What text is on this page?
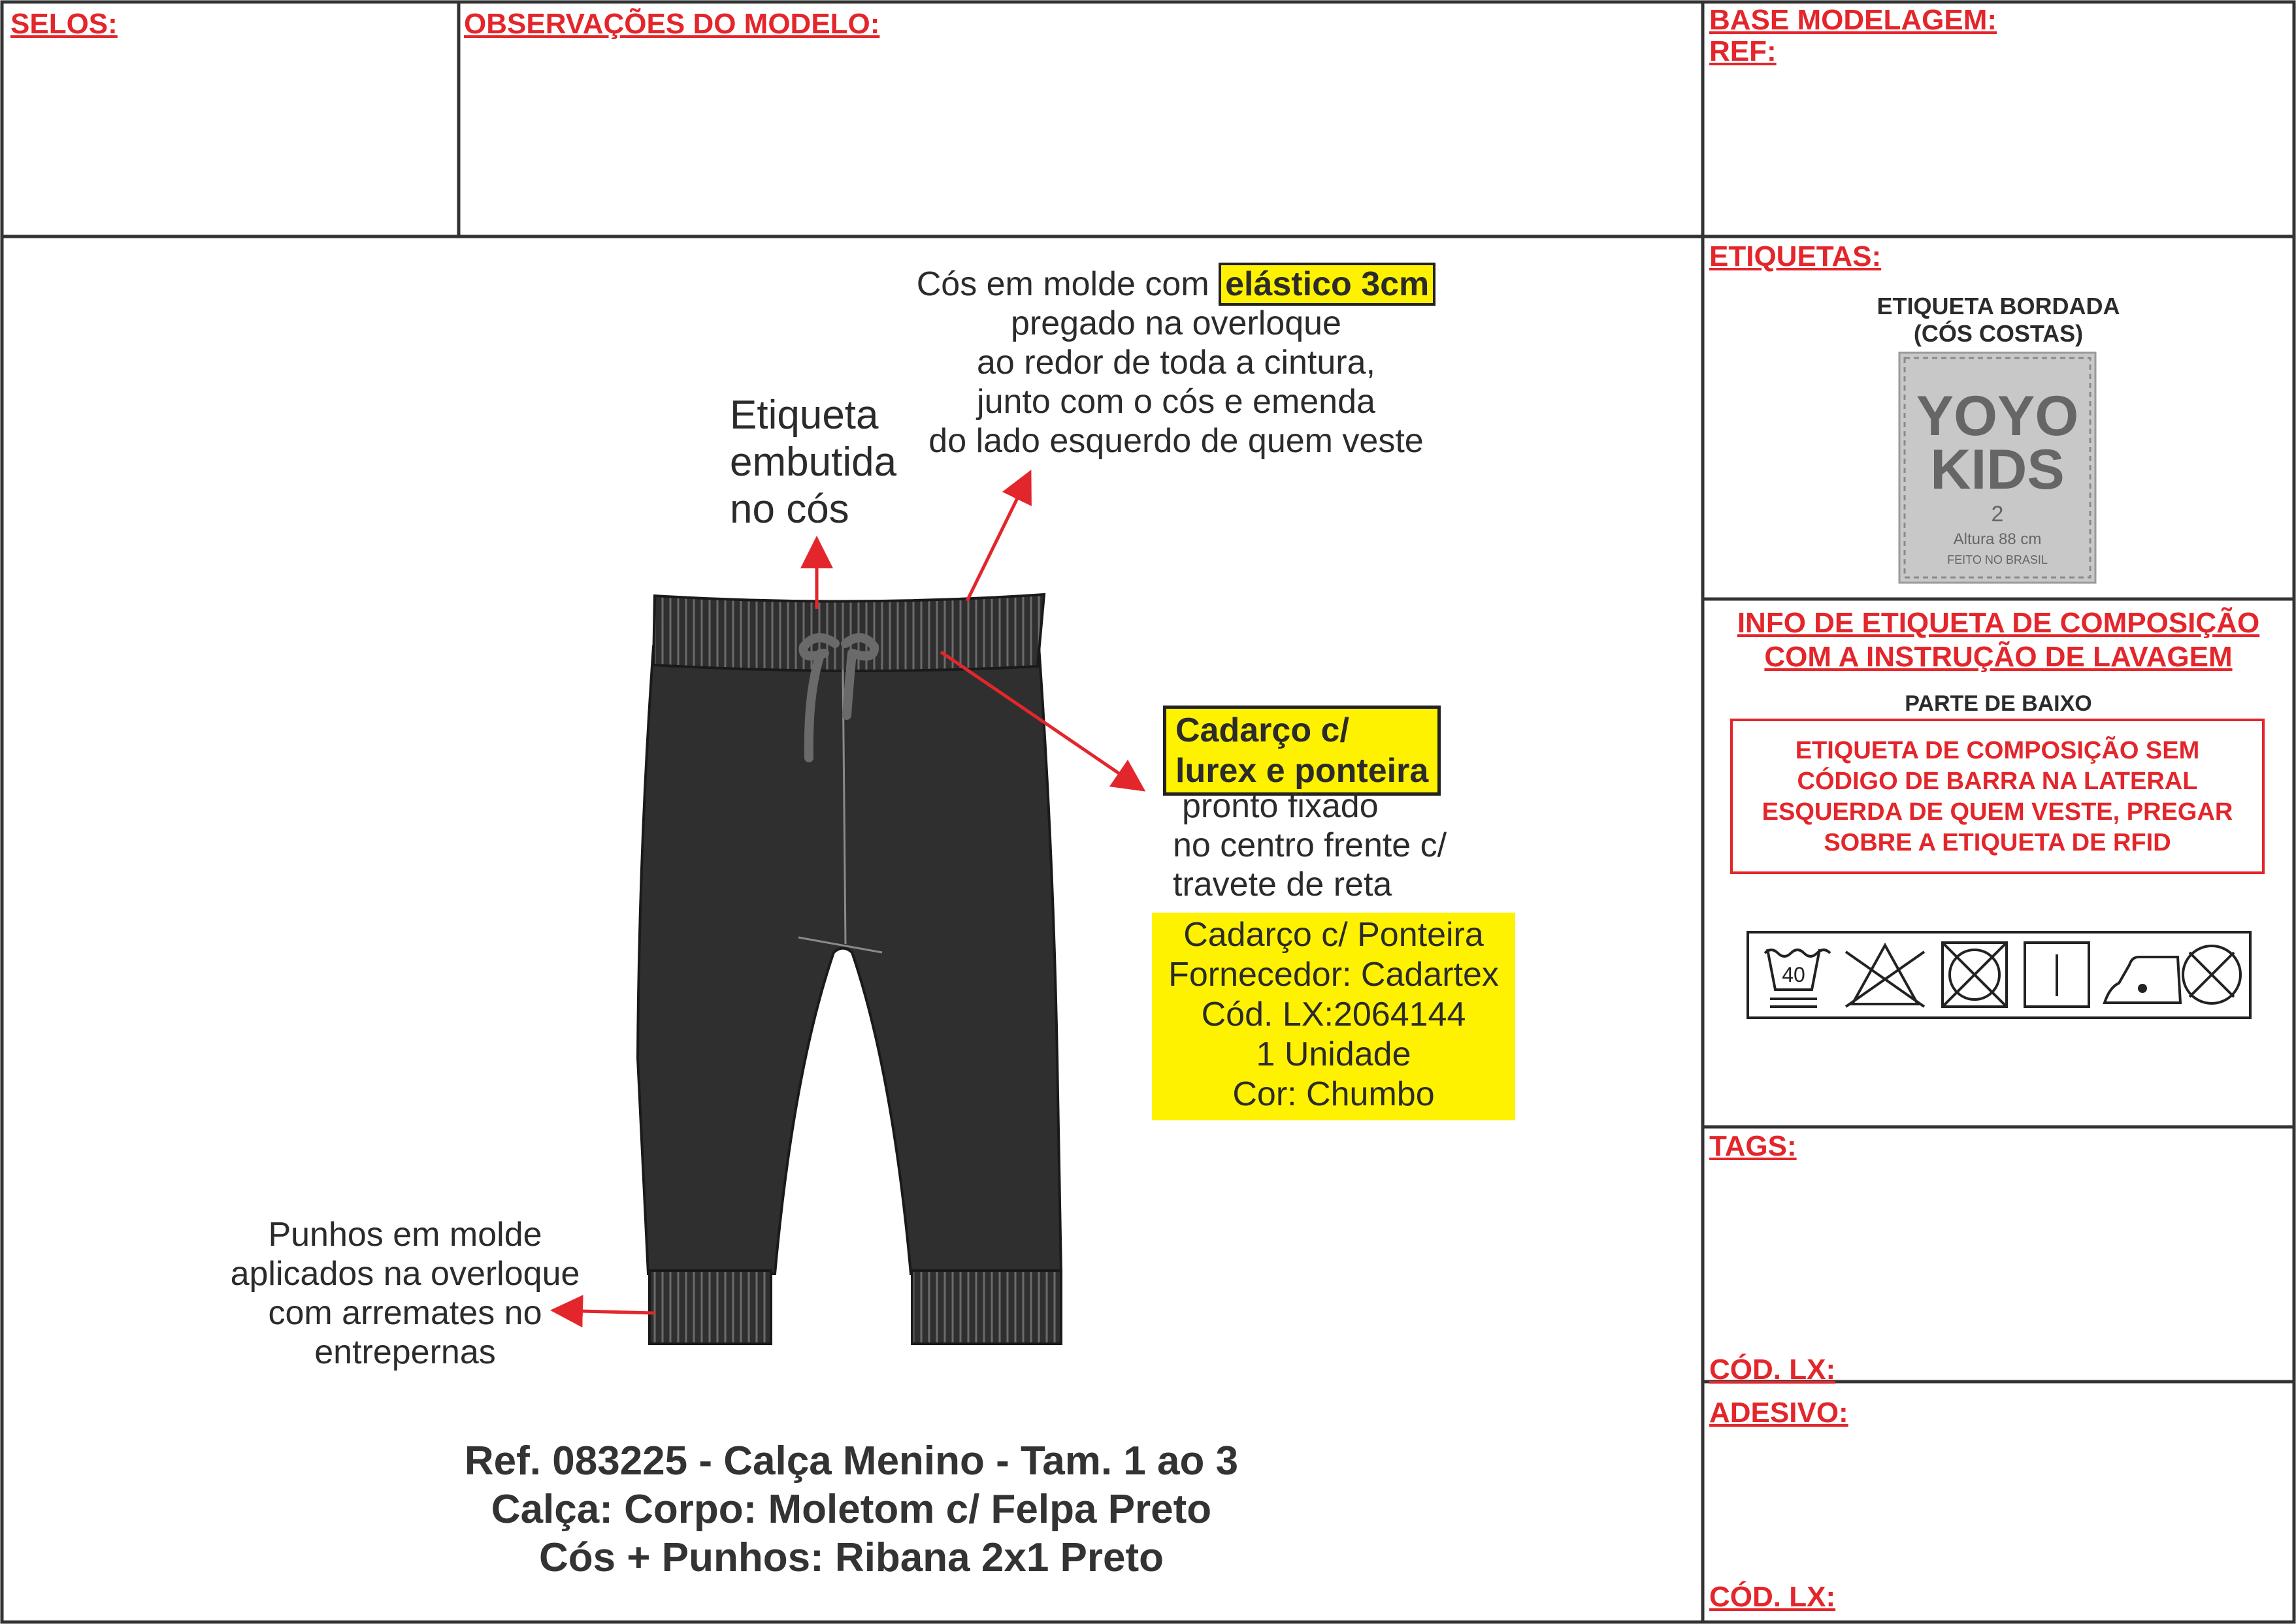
SELOS:	OBSERVAÇÕES DO MODELO:	BASE MODELAGEM:
REF:
ETIQUETAS:
TAGS:
CÓD. LX:
ADESIVO:
CÓD. LX:
ETIQUETA BORDADA
(CÓS COSTAS)
YOYO
KIDS
2
Altura 88 cm
FEITO NO BRASIL
INFO DE ETIQUETA DE COMPOSIÇÃO
COM A INSTRUÇÃO DE LAVAGEM
PARTE DE BAIXO
ETIQUETA DE COMPOSIÇÃO SEM
CÓDIGO DE BARRA NA LATERAL
ESQUERDA DE QUEM VESTE, PREGAR
SOBRE A ETIQUETA DE RFID
40
Cós em molde com elástico 3cm
pregado na overloque
ao redor de toda a cintura,
junto com o cós e emenda
do lado esquerdo de quem veste
Etiqueta
embutida
no cós
Cadarço c/
lurex e ponteira
pronto fixado
no centro frente c/
travete de reta
Cadarço c/ Ponteira
Fornecedor: Cadartex
Cód. LX:2064144
1 Unidade
Cor: Chumbo
Punhos em molde
aplicados na overloque
com arremates no
entrepernas
Ref. 083225 - Calça Menino - Tam. 1 ao 3
Calça: Corpo: Moletom c/ Felpa Preto
Cós + Punhos: Ribana 2x1 Preto
